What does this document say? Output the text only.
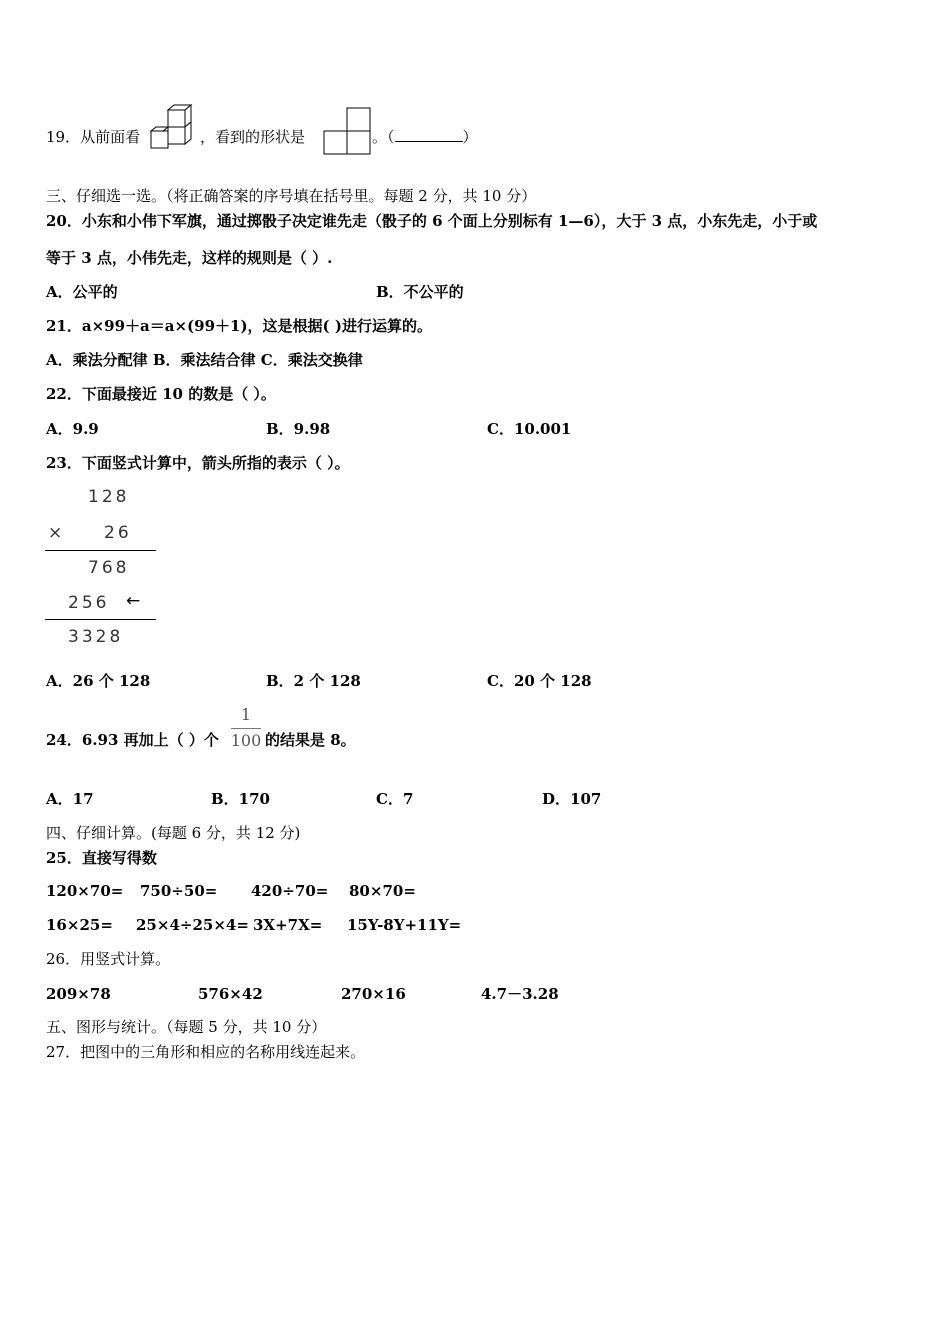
19．从前面看	，看到的形状是	。（	）
三、仔细选一选。（将正确答案的序号填在括号里。每题 2 分，共 10 分）
20．小东和小伟下军旗，通过掷骰子决定谁先走（骰子的 6 个面上分别标有 1—6），大于 3 点，小东先走，小于或
等于 3 点，小伟先走，这样的规则是（ ）.
A．公平的	B．不公平的
21．a×99＋a＝a×(99＋1)，这是根据( )进行运算的。
A．乘法分配律 B．乘法结合律 C．乘法交换律
22．下面最接近 10 的数是（ ）。
A．9.9	B．9.98	C．10.001
23．下面竖式计算中，箭头所指的表示（ ）。
128
× 26
768
256 ←
3328
A．26 个 128	B．2 个 128	C．20 个 128
24．6.93 再加上（ ）个
1
100 的结果是 8。
A．17	B．170	C．7	D．107
四、仔细计算。(每题 6 分，共 12 分)
25．直接写得数
120×70= 750÷50= 420÷70= 80×70=
16×25= 25×4÷25×4= 3X+7X= 15Y-8Y+11Y=
26．用竖式计算。
209×78	576×42	270×16	4.7－3.28
五、图形与统计。（每题 5 分，共 10 分）
27．把图中的三角形和相应的名称用线连起来。
